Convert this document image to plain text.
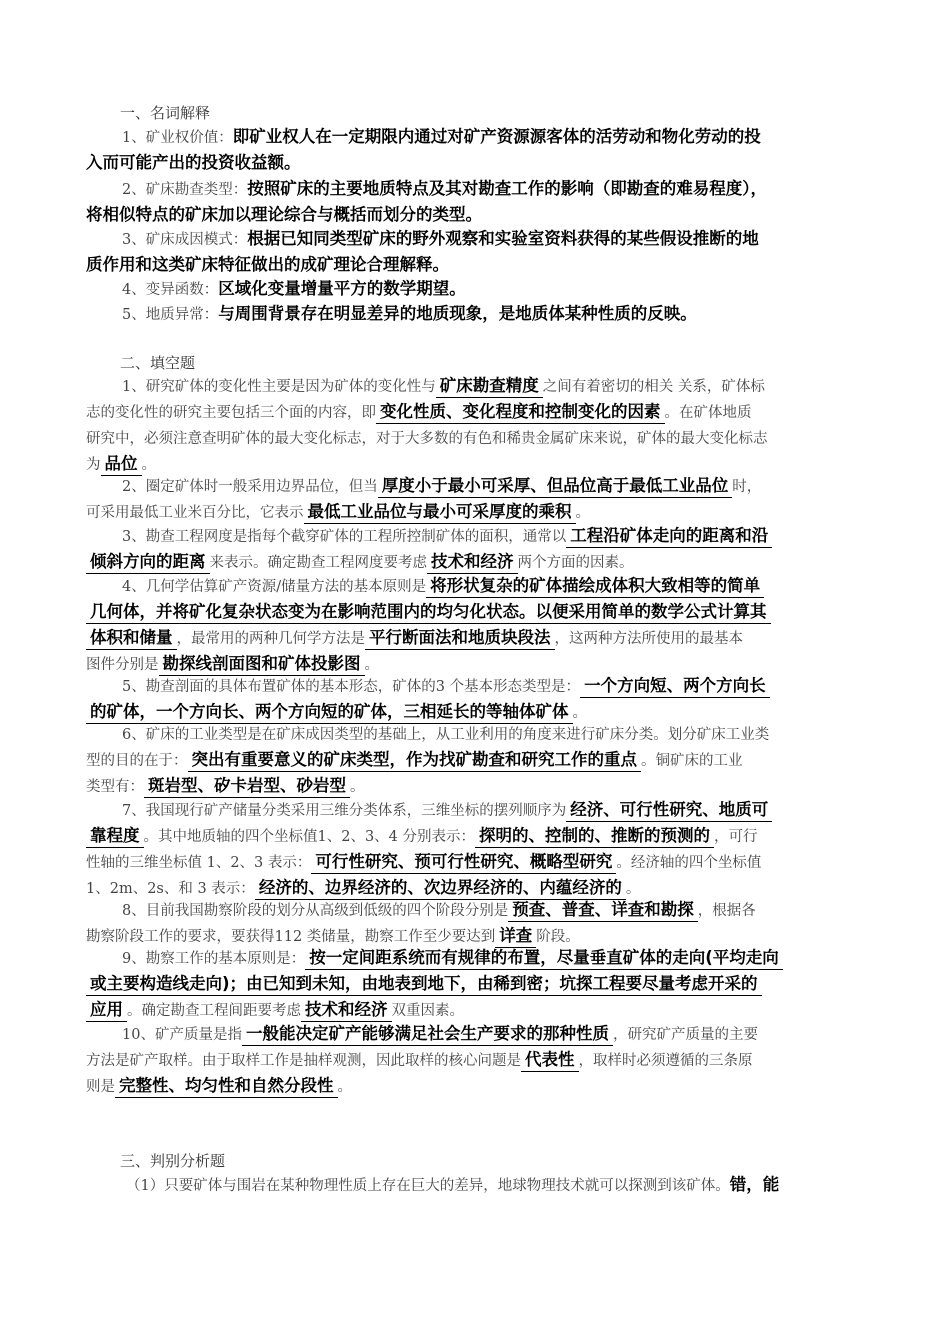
一、名词解释
1、矿业权价值：即矿业权人在一定期限内通过对矿产资源源客体的活劳动和物化劳动的投
入而可能产出的投资收益额。
2、矿床勘查类型：按照矿床的主要地质特点及其对勘查工作的影响（即勘查的难易程度），
将相似特点的矿床加以理论综合与概括而划分的类型。
3、矿床成因模式：根据已知同类型矿床的野外观察和实验室资料获得的某些假设推断的地
质作用和这类矿床特征做出的成矿理论合理解释。
4、变异函数：区域化变量增量平方的数学期望。
5、地质异常：与周围背景存在明显差异的地质现象，是地质体某种性质的反映。
二、填空题
1、研究矿体的变化性主要是因为矿体的变化性与 矿床勘查精度 之间有着密切的相关 关系，矿体标
志的变化性的研究主要包括三个面的内容，即 变化性质、变化程度和控制变化的因素 。在矿体地质
研究中，必须注意查明矿体的最大变化标志，对于大多数的有色和稀贵金属矿床来说，矿体的最大变化标志
为 品位 。
2、圈定矿体时一般采用边界品位，但当 厚度小于最小可采厚、但品位高于最低工业品位 时，
可采用最低工业米百分比，它表示 最低工业品位与最小可采厚度的乘积 。
3、勘查工程网度是指每个截穿矿体的工程所控制矿体的面积，通常以 工程沿矿体走向的距离和沿
倾斜方向的距离 来表示。确定勘查工程网度要考虑 技术和经济 两个方面的因素。
4、几何学估算矿产资源/储量方法的基本原则是 将形状复杂的矿体描绘成体积大致相等的简单
几何体，并将矿化复杂状态变为在影响范围内的均匀化状态。以便采用简单的数学公式计算其
体积和储量 ，最常用的两种几何学方法是 平行断面法和地质块段法 ，这两种方法所使用的最基本
图件分别是 勘探线剖面图和矿体投影图 。
5、勘查剖面的具体布置矿体的基本形态，矿体的3 个基本形态类型是： 一个方向短、两个方向长
的矿体，一个方向长、两个方向短的矿体，三相延长的等轴体矿体 。
6、矿床的工业类型是在矿床成因类型的基础上，从工业利用的角度来进行矿床分类。划分矿床工业类
型的目的在于： 突出有重要意义的矿床类型，作为找矿勘查和研究工作的重点 。铜矿床的工业
类型有： 斑岩型、矽卡岩型、砂岩型 。
7、我国现行矿产储量分类采用三维分类体系，三维坐标的摆列顺序为 经济、可行性研究、地质可
靠程度 。其中地质轴的四个坐标值1、2、3、4 分别表示： 探明的、控制的、推断的预测的 ，可行
性轴的三维坐标值 1、2、3 表示： 可行性研究、预可行性研究、概略型研究 。经济轴的四个坐标值
1、2m、2s、和 3 表示： 经济的、边界经济的、次边界经济的、内蕴经济的 。
8、目前我国勘察阶段的划分从高级到低级的四个阶段分别是 预查、普查、详查和勘探 ，根据各
勘察阶段工作的要求，要获得112 类储量，勘察工作至少要达到 详查 阶段。
9、勘察工作的基本原则是： 按一定间距系统而有规律的布置，尽量垂直矿体的走向(平均走向
或主要构造线走向)；由已知到未知，由地表到地下，由稀到密；坑探工程要尽量考虑开采的
应用 。确定勘查工程间距要考虑 技术和经济 双重因素。
10、矿产质量是指 一般能决定矿产能够满足社会生产要求的那种性质 ，研究矿产质量的主要
方法是矿产取样。由于取样工作是抽样观测，因此取样的核心问题是 代表性 ，取样时必须遵循的三条原
则是 完整性、均匀性和自然分段性 。
三、判别分析题
（1）只要矿体与围岩在某种物理性质上存在巨大的差异，地球物理技术就可以探测到该矿体。错，能
